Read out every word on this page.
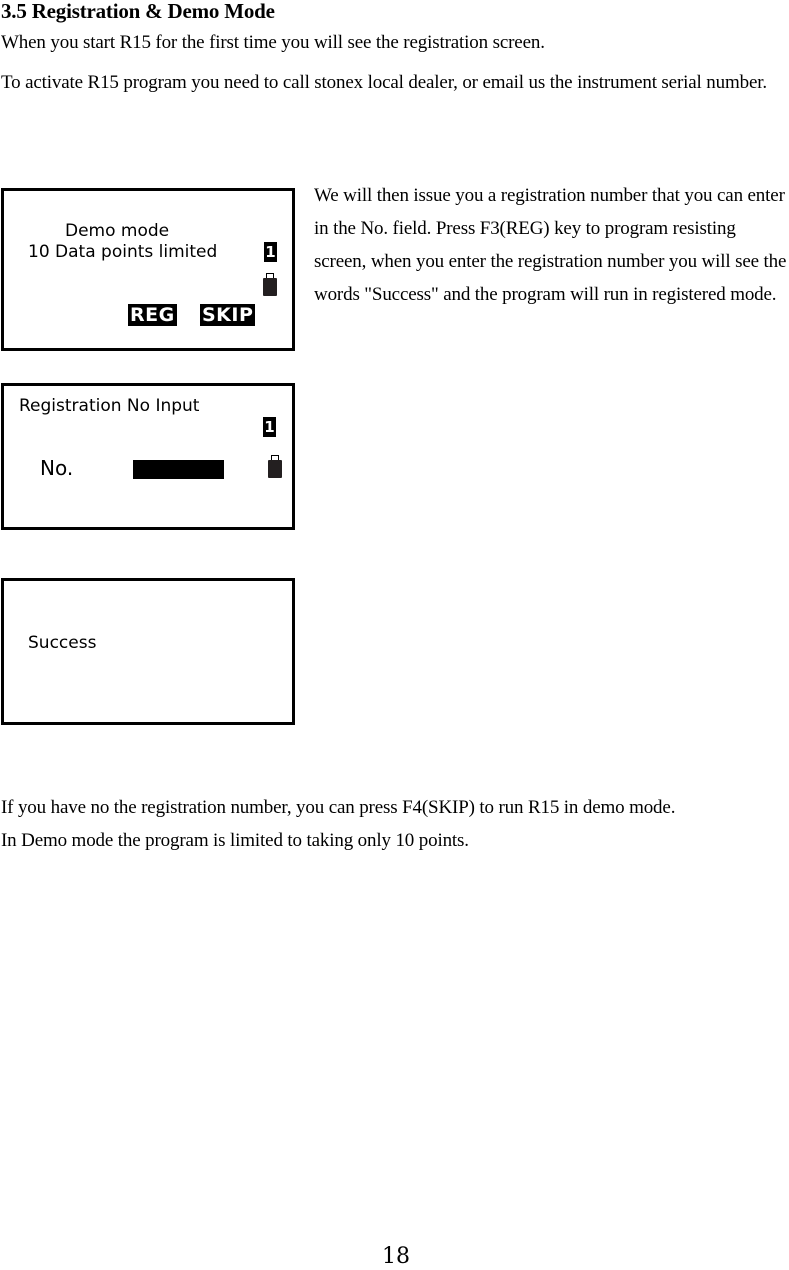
3.5 Registration & Demo Mode

When you start R15 for the first time you will see the registration screen.

To activate R15 program you need to call stonex local dealer, or email us the instrument serial number.

Demo mode
10 Data points limited	1
REG SKIP

We will then issue you a registration number that you can enter in the No. field. Press F3(REG) key to program resisting screen, when you enter the registration number you will see the words "Success" and the program will run in registered mode.

Registration No Input
1
No.
Success
If you have no the registration number, you can press F4(SKIP) to run R15 in demo mode.
In Demo mode the program is limited to taking only 10 points.
18
